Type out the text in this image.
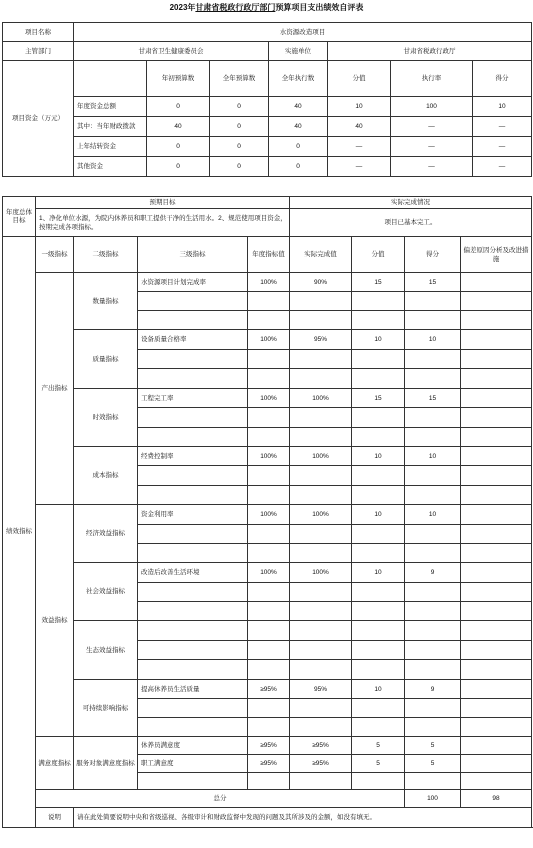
2023年甘肃省税政行政厅部门预算项目支出绩效自评表
项目名称	水资源改造项目						
主管部门	甘肃省卫生健康委员会			实施单位	甘肃省税政行政厅		
项目资金（万元）		年初预算数	全年预算数	全年执行数	分值	执行率	得分
	年度资金总额	0	0	40	10	100	10
	其中：当年财政拨款	40	0	40	40	—	—
	上年结转资金	0	0	0	—	—	—
	其他资金	0	0	0	—	—	—
年度总体目标	预期目标				实际完成情况				
	1、净化单位水源，为院内休养员和职工提供干净的生活用水。2、规范使用项目资金，按期完成各项指标。				项目已基本完工。				
绩效指标	一级指标	二级指标	三级指标	年度指标值	实际完成值	分值	得分	偏差原因分析及改进措施	
	产出指标	数量指标	水资源项目计划完成率	100%	90%	15	15		

		质量指标	设备质量合格率	100%	95%	10	10		

		时效指标	工程完工率	100%	100%	15	15		

		成本指标	经费控制率	100%	100%	10	10		

	效益指标	经济效益指标	资金利用率	100%	100%	10	10		

		社会效益指标	改造后改善生活环境	100%	100%	10	9		

		生态效益指标							

		可持续影响指标	提高休养员生活质量	≥95%	95%	10	9		

	满意度指标	服务对象满意度指标	休养员满意度	≥95%	≥95%	5	5		
			职工满意度	≥95%	≥95%	5	5		

	总分						100	98	
	说明	请在此处简要说明中央和省级巡视、各级审计和财政监督中发现的问题及其所涉及的金额，如没有填无。							
